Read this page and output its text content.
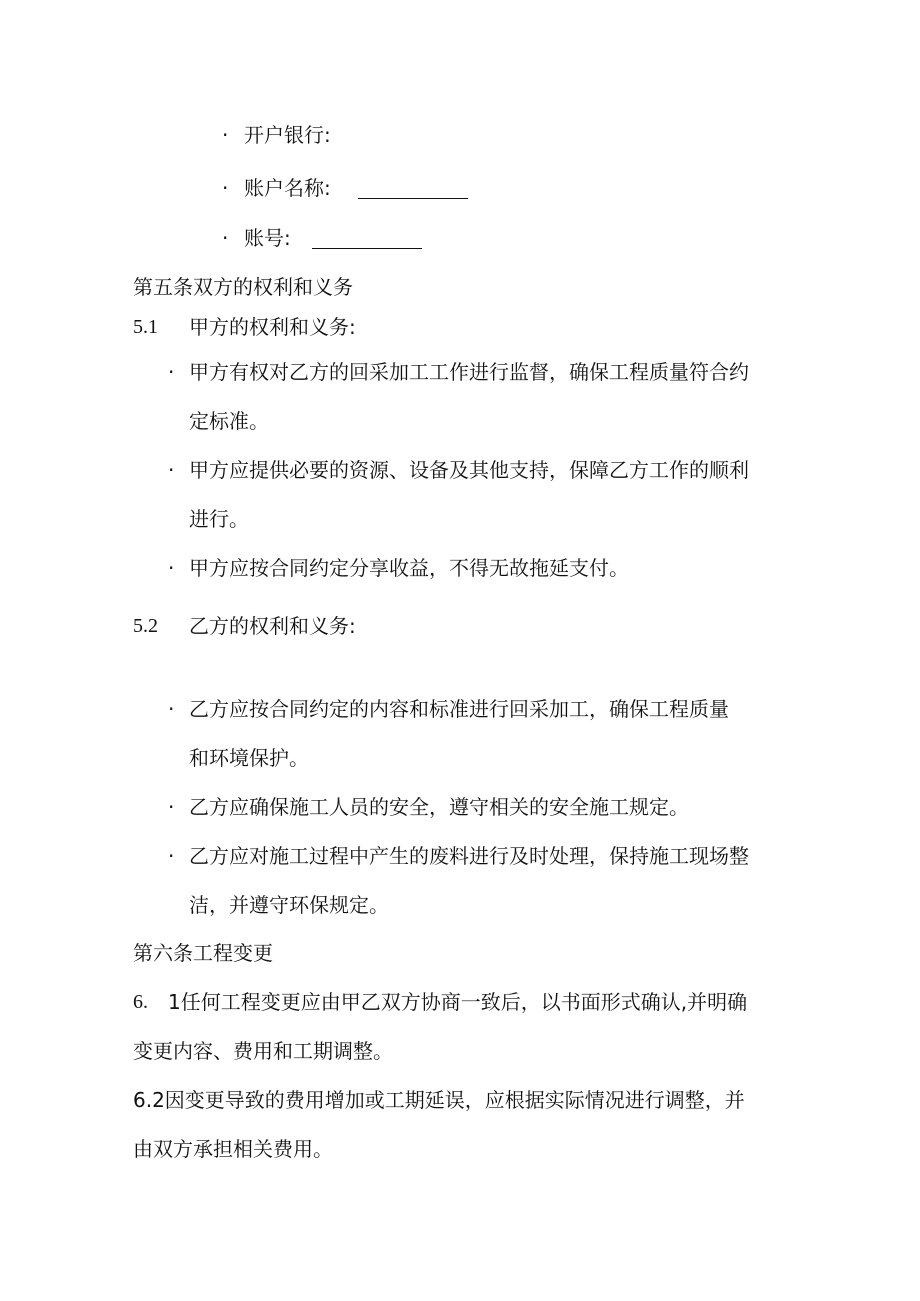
· 开户银行:
· 账户名称:
· 账号:
第五条双方的权利和义务
5.1 甲方的权利和义务:
· 甲方有权对乙方的回采加工工作进行监督，确保工程质量符合约
定标准。
· 甲方应提供必要的资源、设备及其他支持，保障乙方工作的顺利
进行。
· 甲方应按合同约定分享收益，不得无故拖延支付。
5.2 乙方的权利和义务:
· 乙方应按合同约定的内容和标准进行回采加工，确保工程质量
和环境保护。
· 乙方应确保施工人员的安全，遵守相关的安全施工规定。
· 乙方应对施工过程中产生的废料进行及时处理，保持施工现场整
洁，并遵守环保规定。
第六条工程变更
6. 1任何工程变更应由甲乙双方协商一致后，以书面形式确认,并明确
变更内容、费用和工期调整。
6.2因变更导致的费用增加或工期延误，应根据实际情况进行调整，并
由双方承担相关费用。
